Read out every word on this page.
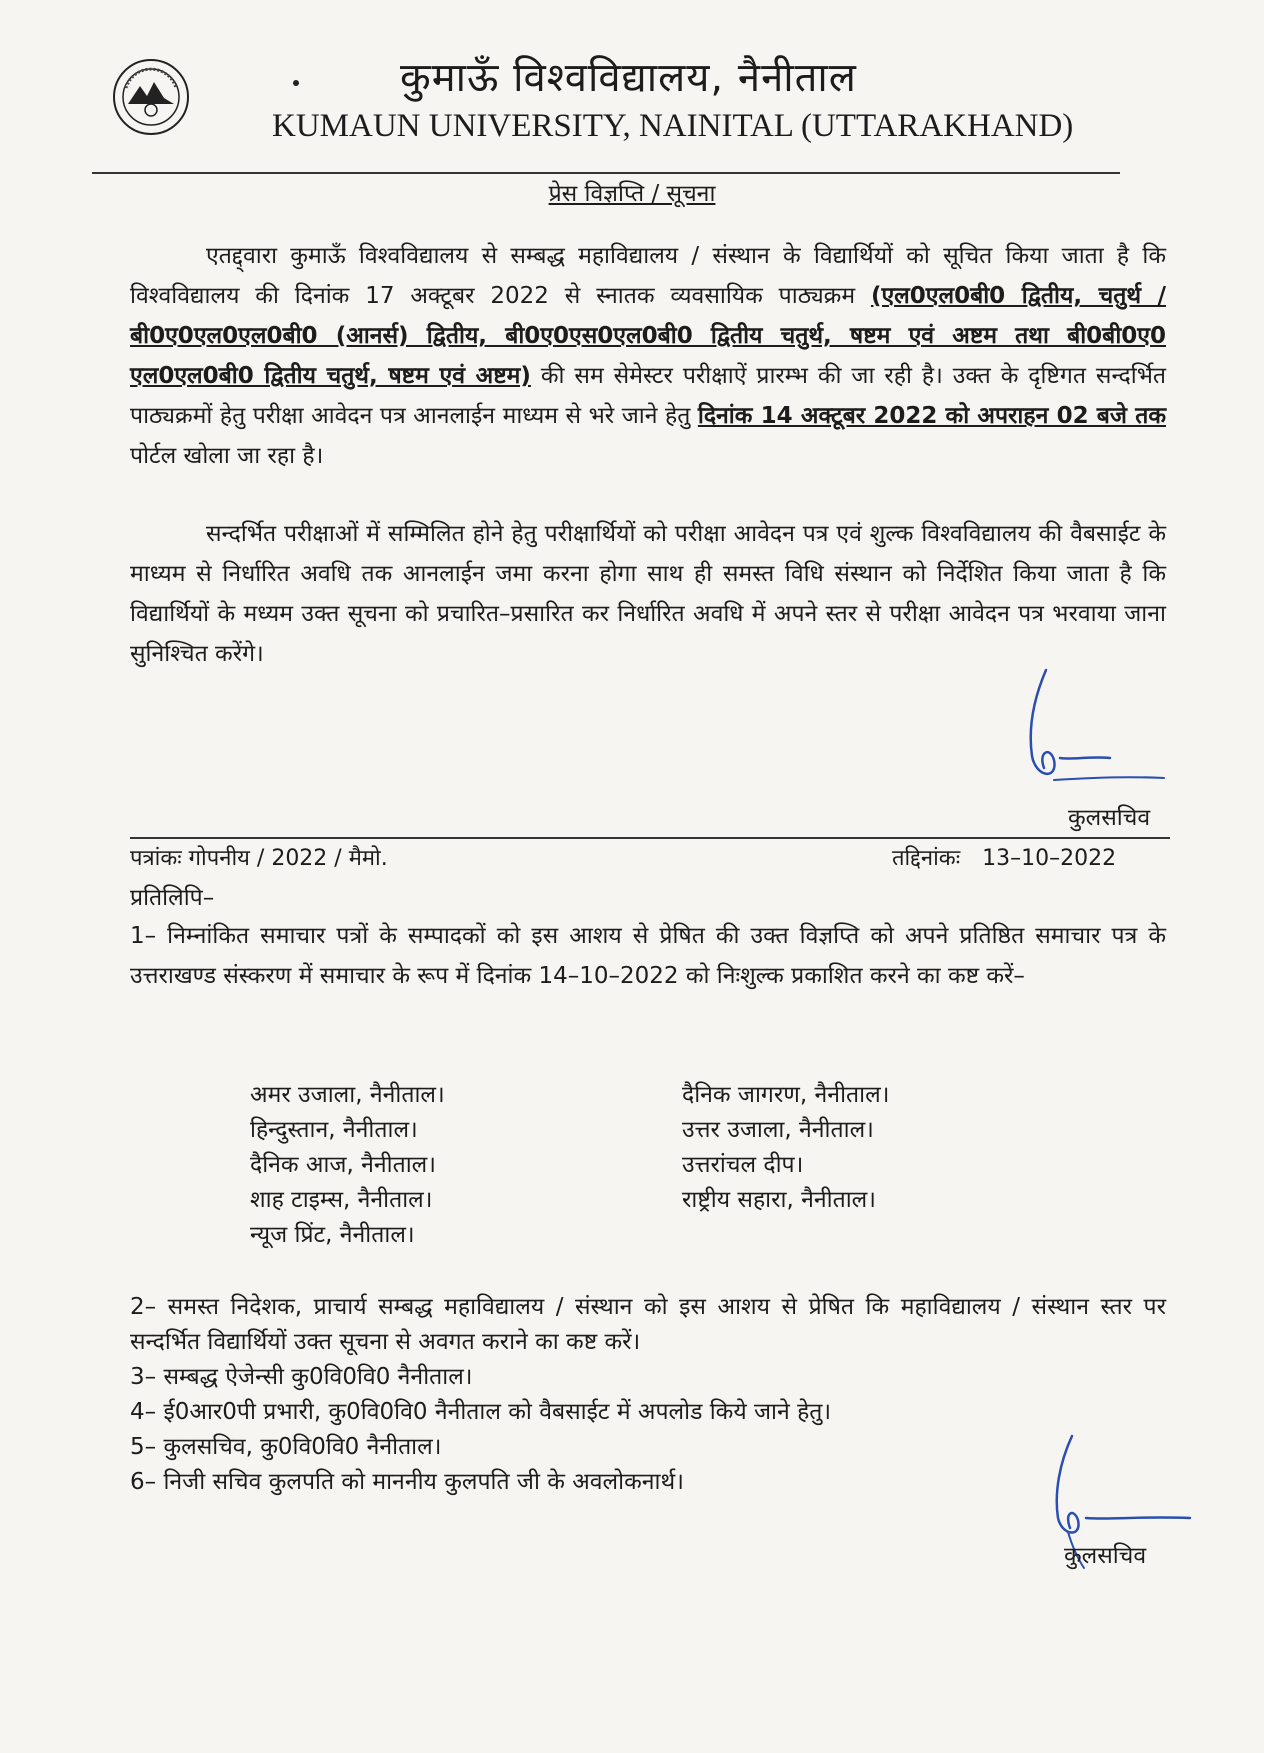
कुमाऊँ विश्वविद्यालय, नैनीताल
KUMAUN UNIVERSITY, NAINITAL (UTTARAKHAND)
प्रेस विज्ञप्ति / सूचना
एतद्द्वारा कुमाऊँ विश्वविद्यालय से सम्बद्ध महाविद्यालय / संस्थान के विद्यार्थियों को सूचित किया जाता है कि विश्वविद्यालय की दिनांक 17 अक्टूबर 2022 से स्नातक व्यवसायिक पाठ्यक्रम (एल0एल0बी0 द्वितीय, चतुर्थ / बी0ए0एल0एल0बी0 (आनर्स) द्वितीय, बी0ए0एस0एल0बी0 द्वितीय चतुर्थ, षष्टम एवं अष्टम तथा बी0बी0ए0 एल0एल0बी0 द्वितीय चतुर्थ, षष्टम एवं अष्टम) की सम सेमेस्टर परीक्षाऐं प्रारम्भ की जा रही है। उक्त के दृष्टिगत सन्दर्भित पाठ्यक्रमों हेतु परीक्षा आवेदन पत्र आनलाईन माध्यम से भरे जाने हेतु दिनांक 14 अक्टूबर 2022 को अपराहन 02 बजे तक पोर्टल खोला जा रहा है।
सन्दर्भित परीक्षाओं में सम्मिलित होने हेतु परीक्षार्थियों को परीक्षा आवेदन पत्र एवं शुल्क विश्वविद्यालय की वैबसाईट के माध्यम से निर्धारित अवधि तक आनलाईन जमा करना होगा साथ ही समस्त विधि संस्थान को निर्देशित किया जाता है कि विद्यार्थियों के मध्यम उक्त सूचना को प्रचारित–प्रसारित कर निर्धारित अवधि में अपने स्तर से परीक्षा आवेदन पत्र भरवाया जाना सुनिश्चित करेंगे।
कुलसचिव
पत्रांकः गोपनीय / 2022 / मैमो.	तद्दिनांकः 13–10–2022
प्रतिलिपि–
1– निम्नांकित समाचार पत्रों के सम्पादकों को इस आशय से प्रेषित की उक्त विज्ञप्ति को अपने प्रतिष्ठित समाचार पत्र के उत्तराखण्ड संस्करण में समाचार के रूप में दिनांक 14–10–2022 को निःशुल्क प्रकाशित करने का कष्ट करें–
अमर उजाला, नैनीताल।
हिन्दुस्तान, नैनीताल।
दैनिक आज, नैनीताल।
शाह टाइम्स, नैनीताल।
न्यूज प्रिंट, नैनीताल।
दैनिक जागरण, नैनीताल।
उत्तर उजाला, नैनीताल।
उत्तरांचल दीप।
राष्ट्रीय सहारा, नैनीताल।
2– समस्त निदेशक, प्राचार्य सम्बद्ध महाविद्यालय / संस्थान को इस आशय से प्रेषित कि महाविद्यालय / संस्थान स्तर पर सन्दर्भित विद्यार्थियों उक्त सूचना से अवगत कराने का कष्ट करें।
3– सम्बद्ध ऐजेन्सी कु0वि0वि0 नैनीताल।
4– ई0आर0पी प्रभारी, कु0वि0वि0 नैनीताल को वैबसाईट में अपलोड किये जाने हेतु।
5– कुलसचिव, कु0वि0वि0 नैनीताल।
6– निजी सचिव कुलपति को माननीय कुलपति जी के अवलोकनार्थ।
कुलसचिव
